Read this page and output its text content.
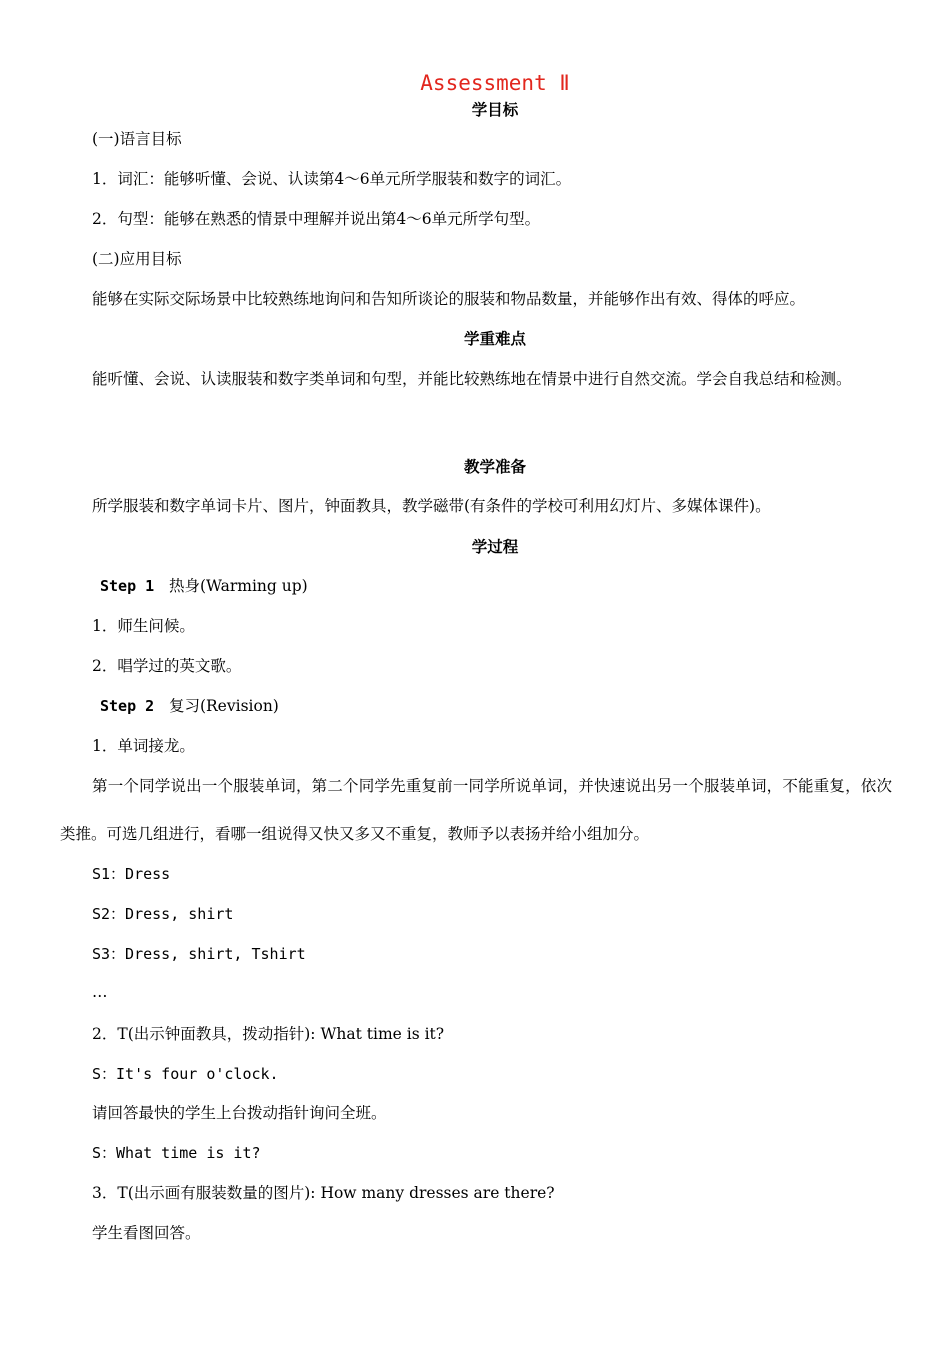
Assessment Ⅱ
学目标
(一)语言目标
1．词汇：能够听懂、会说、认读第4～6单元所学服装和数字的词汇。
2．句型：能够在熟悉的情景中理解并说出第4～6单元所学句型。
(二)应用目标
能够在实际交际场景中比较熟练地询问和告知所谈论的服装和物品数量，并能够作出有效、得体的呼应。
学重难点
能听懂、会说、认读服装和数字类单词和句型，并能比较熟练地在情景中进行自然交流。学会自我总结和检测。
教学准备
所学服装和数字单词卡片、图片，钟面教具，教学磁带(有条件的学校可利用幻灯片、多媒体课件)。
学过程
Step 1 热身(Warming up)
1．师生问候。
2．唱学过的英文歌。
Step 2 复习(Revision)
1．单词接龙。
第一个同学说出一个服装单词，第二个同学先重复前一同学所说单词，并快速说出另一个服装单词，不能重复，依次类推。可选几组进行，看哪一组说得又快又多又不重复，教师予以表扬并给小组加分。
S1：Dress
S2：Dress, shirt
S3：Dress, shirt, Tshirt
…
2．T(出示钟面教具，拨动指针): What time is it?
S：It's four o'clock.
请回答最快的学生上台拨动指针询问全班。
S：What time is it?
3．T(出示画有服装数量的图片): How many dresses are there?
学生看图回答。
